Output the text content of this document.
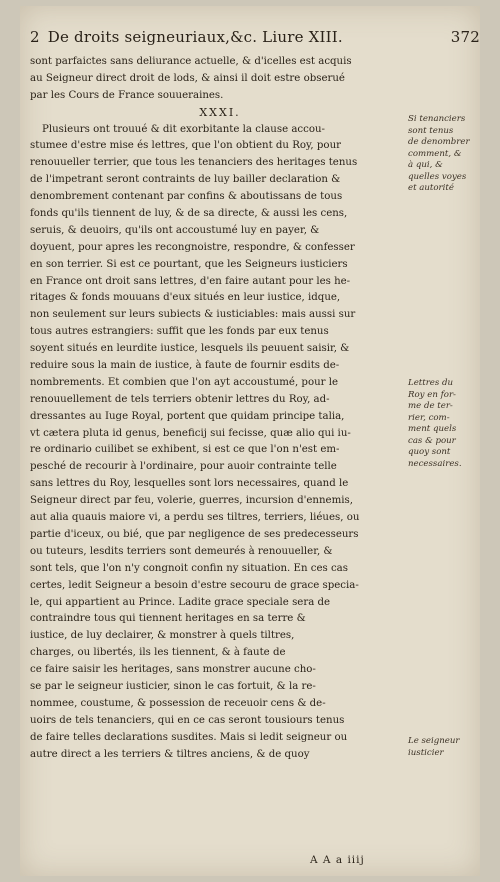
2 De droits seigneuriaux,&c. Liure XIII.	372
sont parfaictes sans deliurance actuelle, & d'icelles est acquis
au Seigneur direct droit de lods, & ainsi il doit estre obserué
par les Cours de France souueraines.
XXXI.
Plusieurs ont trouué & dit exorbitante la clause accou-
stumee d'estre mise és lettres, que l'on obtient du Roy, pour
renouueller terrier, que tous les tenanciers des heritages tenus
de l'impetrant seront contraints de luy bailler declaration &
denombrement contenant par confins & aboutissans de tous
fonds qu'ils tiennent de luy, & de sa directe, & aussi les cens,
seruis, & deuoirs, qu'ils ont accoustumé luy en payer, &
doyuent, pour apres les recongnoistre, respondre, & confesser
en son terrier. Si est ce pourtant, que les Seigneurs iusticiers
en France ont droit sans lettres, d'en faire autant pour les he-
ritages & fonds mouuans d'eux situés en leur iustice, idque,
non seulement sur leurs subiects & iusticiables: mais aussi sur
tous autres estrangiers: suffit que les fonds par eux tenus
soyent situés en leurdite iustice, lesquels ils peuuent saisir, &
reduire sous la main de iustice, à faute de fournir esdits de-
nombrements. Et combien que l'on ayt accoustumé, pour le
renouuellement de tels terriers obtenir lettres du Roy, ad-
dressantes au Iuge Royal, portent que quidam principe talia,
vt cætera pluta id genus, beneficij sui fecisse, quæ alio qui iu-
re ordinario cuilibet se exhibent, si est ce que l'on n'est em-
pesché de recourir à l'ordinaire, pour auoir contrainte telle
sans lettres du Roy, lesquelles sont lors necessaires, quand le
Seigneur direct par feu, volerie, guerres, incursion d'ennemis,
aut alia quauis maiore vi, a perdu ses tiltres, terriers, liéues, ou
partie d'iceux, ou bié, que par negligence de ses predecesseurs
ou tuteurs, lesdits terriers sont demeurés à renouueller, &
sont tels, que l'on n'y congnoit confin ny situation. En ces cas
certes, ledit Seigneur a besoin d'estre secouru de grace specia-
le, qui appartient au Prince. Ladite grace speciale sera de
contraindre tous qui tiennent heritages en sa terre &
iustice, de luy declairer, & monstrer à quels tiltres,
charges, ou libertés, ils les tiennent, & à faute de
ce faire saisir les heritages, sans monstrer aucune cho-
se par le seigneur iusticier, sinon le cas fortuit, & la re-
nommee, coustume, & possession de receuoir cens & de-
uoirs de tels tenanciers, qui en ce cas seront tousiours tenus
de faire telles declarations susdites. Mais si ledit seigneur ou
autre direct a les terriers & tiltres anciens, & de quoy
Si tenanciers
sont tenus
de denombrer
comment, &
à qui, &
quelles voyes
et autorité
Lettres du
Roy en for-
me de ter-
rier, com-
ment quels
cas & pour
quoy sont
necessaires.
Le seigneur
iusticier
A A a iiij
